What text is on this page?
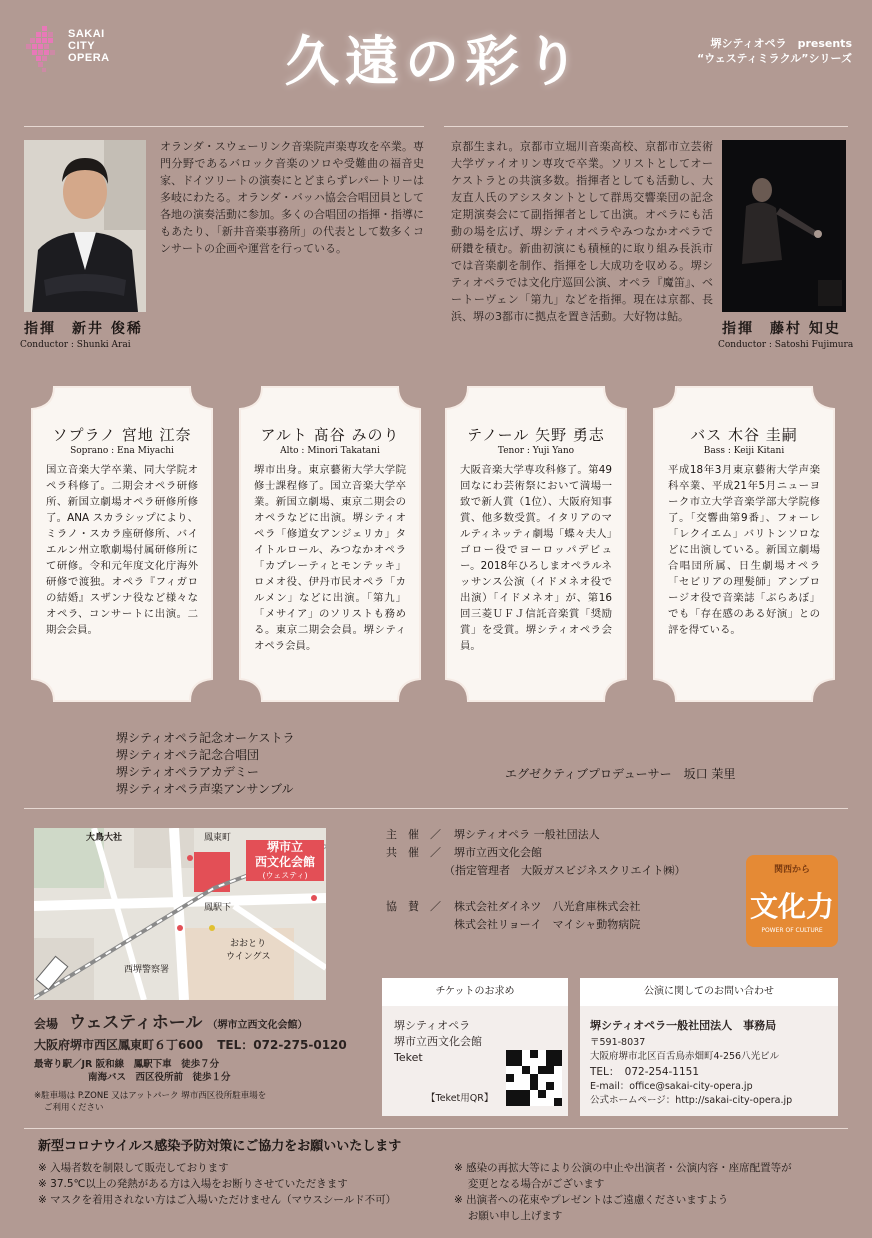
SAKAI
CITY
OPERA	久遠の彩り	堺シティオペラ　presents
“ウェスティミラクル”シリーズ
オランダ・スウェーリンク音楽院声楽専攻を卒業。専門分野であるバロック音楽のソロや受難曲の福音史家、ドイツリートの演奏にとどまらずレパートリーは多岐にわたる。オランダ・バッハ協会合唱団員として各地の演奏活動に参加。多くの合唱団の指揮・指導にもあたり、「新井音楽事務所」の代表として数多くコンサートの企画や運営を行っている。
指揮　新井 俊稀
Conductor : Shunki Arai
京都生まれ。京都市立堀川音楽高校、京都市立芸術大学ヴァイオリン専攻で卒業。ソリストとしてオーケストラとの共演多数。指揮者としても活動し、大友直人氏のアシスタントとして群馬交響楽団の記念定期演奏会にて副指揮者として出演。オペラにも活動の場を広げ、堺シティオペラやみつなかオペラで研鑽を積む。新曲初演にも積極的に取り組み長浜市では音楽劇を制作、指揮をし大成功を収める。堺シティオペラでは文化庁巡回公演、オペラ『魔笛』、ベートーヴェン「第九」などを指揮。現在は京都、長浜、堺の3都市に拠点を置き活動。大好物は鮎。
指揮　藤村 知史
Conductor : Satoshi Fujimura
ソプラノ 宮地 江奈
Soprano : Ena Miyachi
国立音楽大学卒業、同大学院オペラ科修了。二期会オペラ研修所、新国立劇場オペラ研修所修了。ANA スカラシップにより、ミラノ・スカラ座研修所、バイエルン州立歌劇場付属研修所にて研修。令和元年度文化庁海外研修で渡独。オペラ『フィガロの結婚』スザンナ役など様々なオペラ、コンサートに出演。二期会会員。
アルト 髙谷 みのり
Alto : Minori Takatani
堺市出身。東京藝術大学大学院修士課程修了。国立音楽大学卒業。新国立劇場、東京二期会のオペラなどに出演。堺シティオペラ「修道女アンジェリカ」タイトルロール、みつなかオペラ「カプレーティとモンテッキ」ロメオ役、伊丹市民オペラ「カルメン」などに出演。「第九」「メサイア」のソリストも務める。東京二期会会員。堺シティオペラ会員。
テノール 矢野 勇志
Tenor : Yuji Yano
大阪音楽大学専攻科修了。第49回なにわ芸術祭において満場一致で新人賞（1位）、大阪府知事賞、他多数受賞。イタリアのマルティネッティ劇場「蝶々夫人」ゴロー役でヨーロッパデビュー。2018年ひろしまオペラルネッサンス公演（イドメネオ役で出演）「イドメネオ」が、第16回三菱ＵＦＪ信託音楽賞「奨励賞」を受賞。堺シティオペラ会員。
バス 木谷 圭嗣
Bass : Keiji Kitani
平成18年3月東京藝術大学声楽科卒業、平成21年5月ニューヨーク市立大学音楽学部大学院修了。「交響曲第9番」、フォーレ「レクイエム」バリトンソロなどに出演している。新国立劇場合唱団所属、日生劇場オペラ「セビリアの理髪師」アンブロージオ役で音楽誌「ぶらあぼ」でも「存在感のある好演」との評を得ている。
堺シティオペラ記念オーケストラ
堺シティオペラ記念合唱団
堺シティオペラアカデミー
堺シティオペラ声楽アンサンブル
エグゼクティブプロデューサー　坂口 茉里
大鳥大社	鳳東町
鳳駅下
堺市立
西文化会館
(ウェスティ)
おおとり
ウイングス
西堺警察署
会場 ウェスティホール （堺市立西文化会館）
大阪府堺市西区鳳東町６丁600 TEL：072-275-0120
最寄り駅／JR 阪和線　鳳駅下車　徒歩７分
南海バス　西区役所前　徒歩１分
※駐車場は P.ZONE 又はアットパーク 堺市西区役所駐車場を
ご利用ください
主　催　／ 堺シティオペラ 一般社団法人
共　催　／ 堺市立西文化会館
（指定管理者　大阪ガスビジネスクリエイト㈱）
協　賛　／ 株式会社ダイネツ　八光倉庫株式会社
株式会社リョーイ　マイシャ動物病院
関西から
文化力
POWER OF CULTURE
チケットのお求め
堺シティオペラ
堺市立西文化会館
Teket
【Teket用QR】
公演に関してのお問い合わせ
堺シティオペラ一般社団法人　事務局
〒591-8037
大阪府堺市北区百舌鳥赤畑町4-256八光ビル
TEL：　072-254-1151
E-mail：office@sakai-city-opera.jp
公式ホームページ：http://sakai-city-opera.jp
新型コロナウイルス感染予防対策にご協力をお願いいたします
※ 入場者数を制限して販売しております
※ 37.5℃以上の発熱がある方は入場をお断りさせていただきます
※ マスクを着用されない方はご入場いただけません（マウスシールド不可）
※ 感染の再拡大等により公演の中止や出演者・公演内容・座席配置等が
　 変更となる場合がございます
※ 出演者への花束やプレゼントはご遠慮くださいますよう
　 お願い申し上げます
